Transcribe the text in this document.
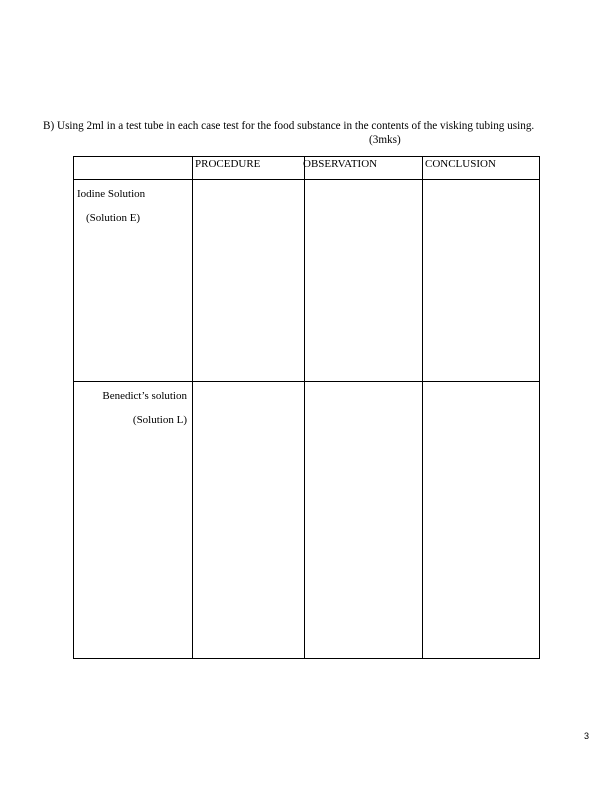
B) Using 2ml in a test tube in each case test for the food substance in the contents of the visking tubing using.
(3mks)

	PROCEDURE	OBSERVATION	CONCLUSION

Iodine Solution
(Solution E)			

Benedict’s solution
(Solution L)			

3
